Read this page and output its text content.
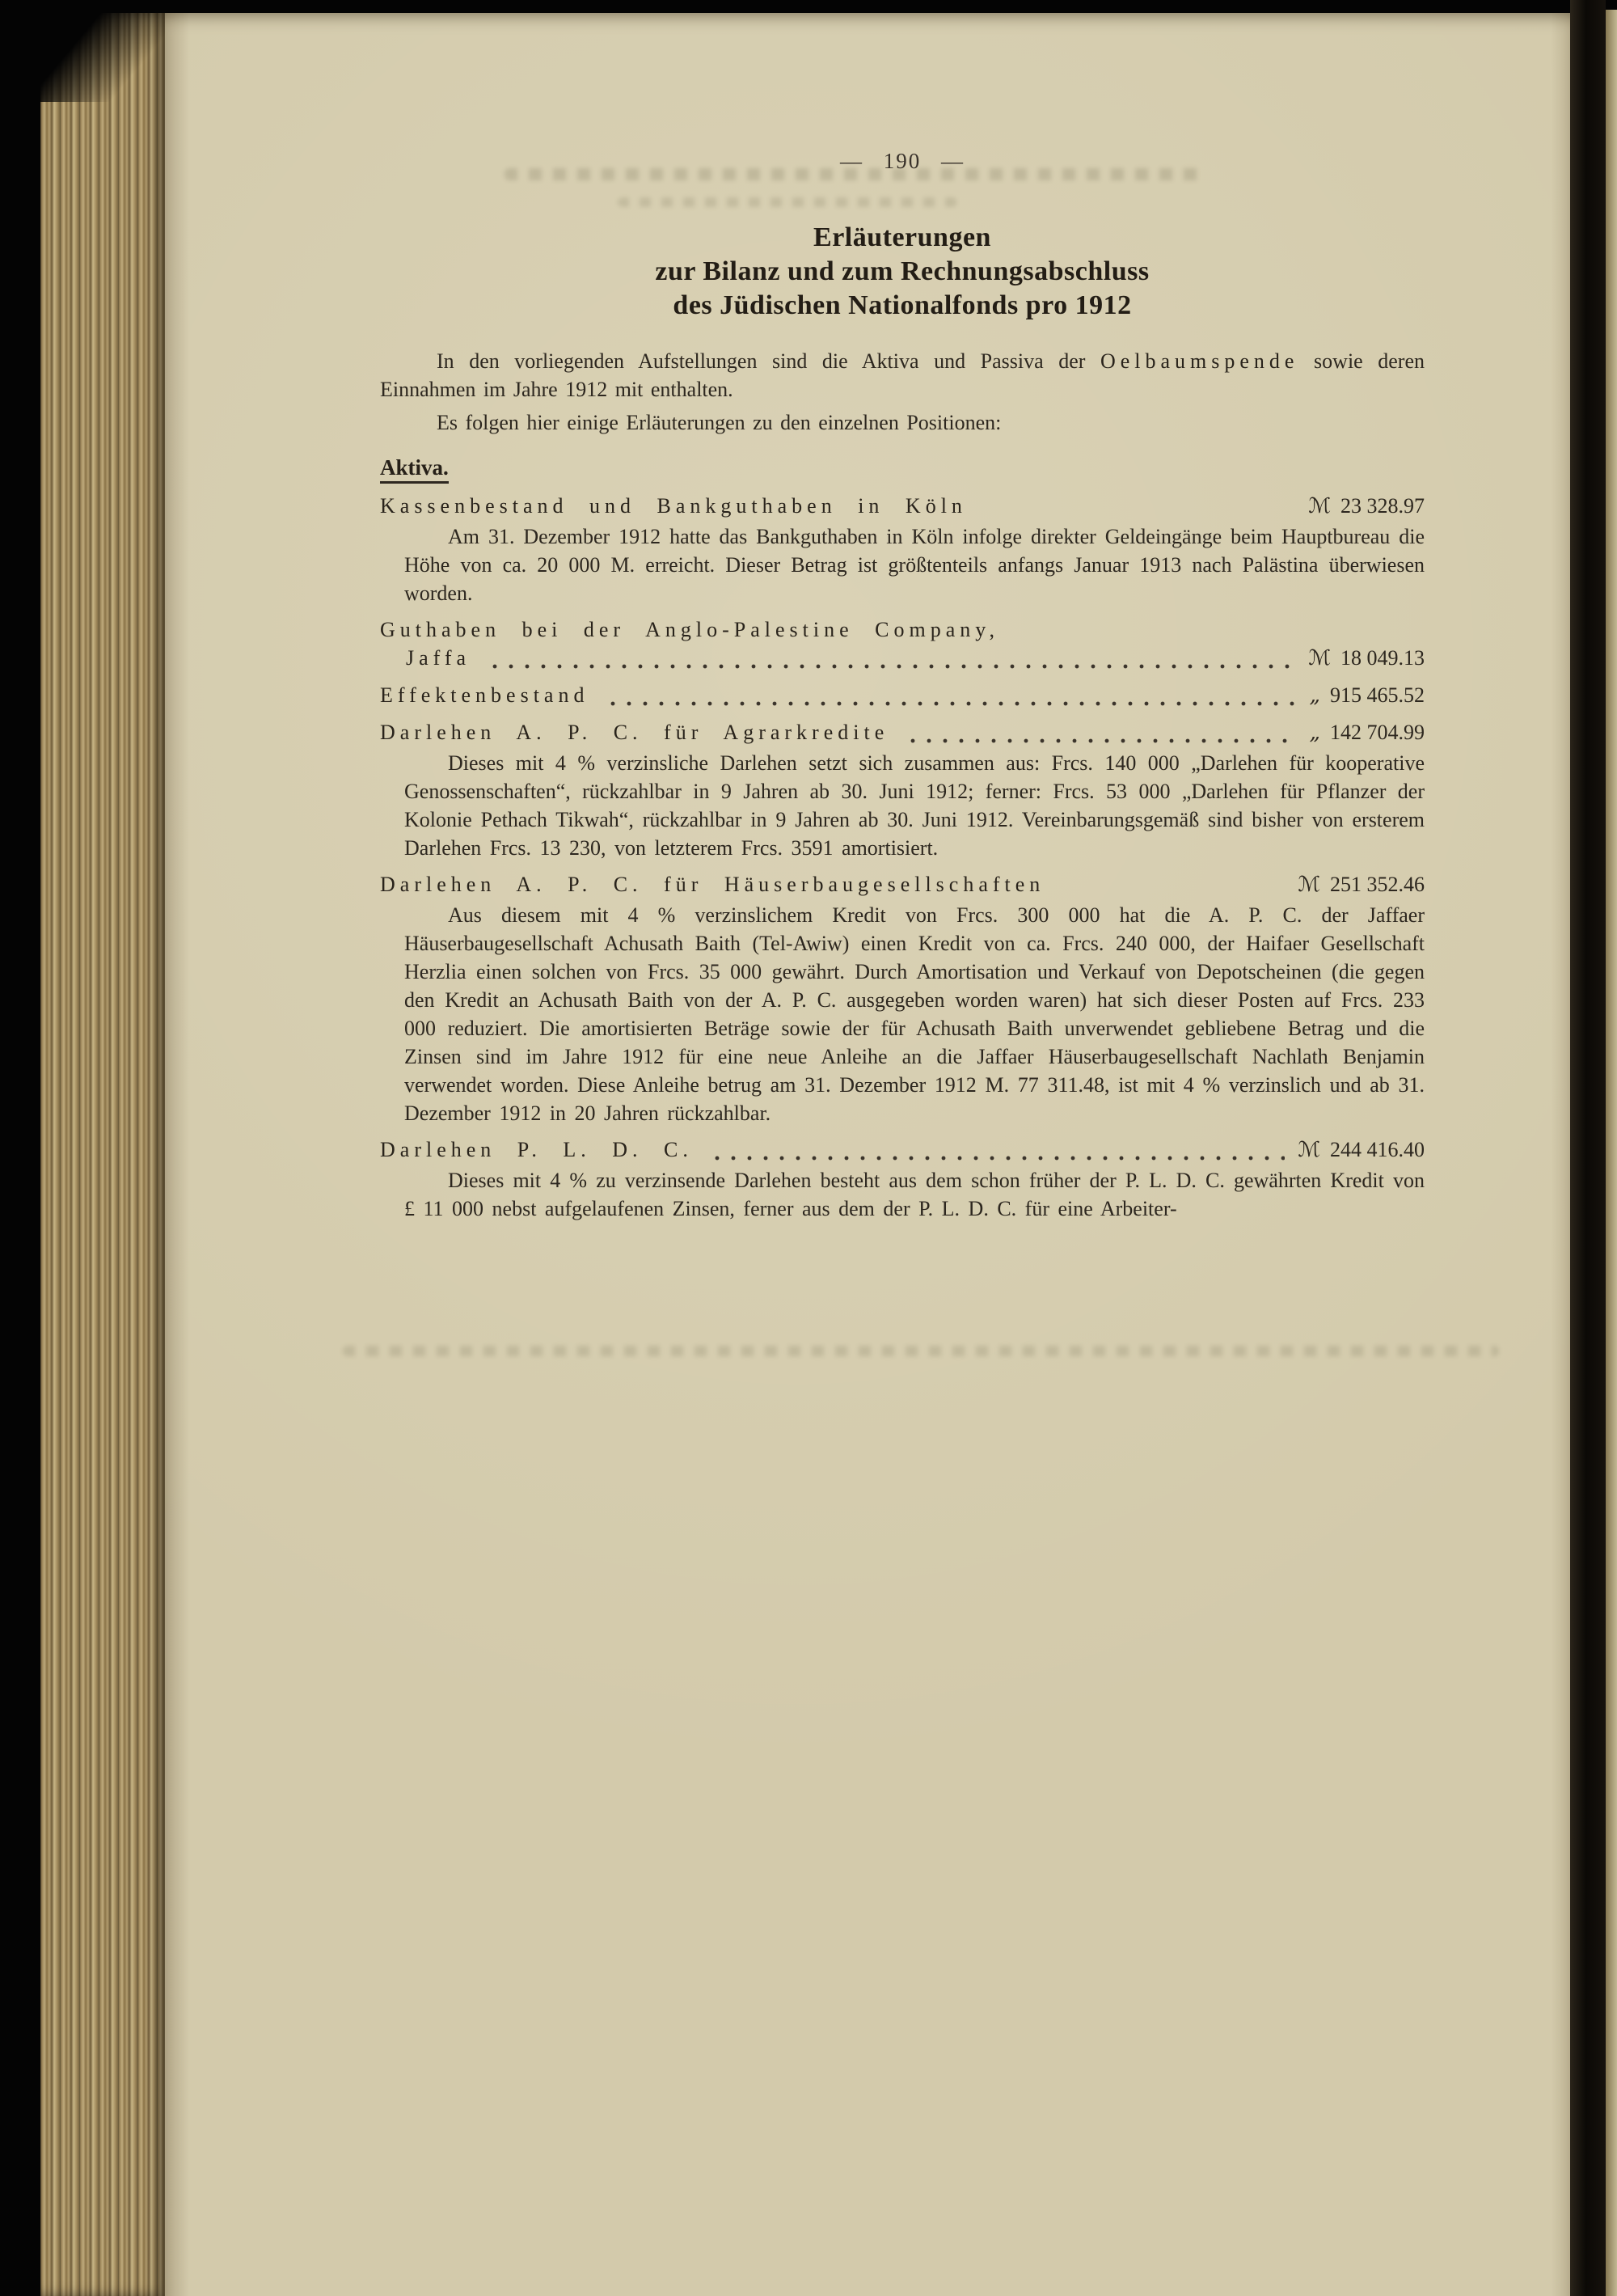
— 190 —
Erläuterungen
zur Bilanz und zum Rechnungsabschluss
des Jüdischen Nationalfonds pro 1912

In den vorliegenden Aufstellungen sind die Aktiva und Passiva der Oelbaumspende sowie deren Einnahmen im Jahre 1912 mit enthalten.

Es folgen hier einige Erläuterungen zu den einzelnen Positionen:

Aktiva.
Kassenbestand und Bankguthaben in Köln	ℳ 23 328.97

Am 31. Dezember 1912 hatte das Bankguthaben in Köln infolge direkter Geldeingänge beim Hauptbureau die Höhe von ca. 20 000 M. erreicht. Dieser Betrag ist größtenteils anfangs Januar 1913 nach Palästina überwiesen worden.

Guthaben bei der Anglo-Palestine Company,
Jaffa	ℳ 18 049.13
Effektenbestand	„ 915 465.52
Darlehen A. P. C. für Agrarkredite	„ 142 704.99

Dieses mit 4 % verzinsliche Darlehen setzt sich zusammen aus: Frcs. 140 000 „Darlehen für kooperative Genossenschaften“, rückzahlbar in 9 Jahren ab 30. Juni 1912; ferner: Frcs. 53 000 „Darlehen für Pflanzer der Kolonie Pethach Tikwah“, rückzahlbar in 9 Jahren ab 30. Juni 1912. Vereinbarungsgemäß sind bisher von ersterem Darlehen Frcs. 13 230, von letzterem Frcs. 3591 amortisiert.

Darlehen A. P. C. für Häuserbaugesellschaften	ℳ 251 352.46

Aus diesem mit 4 % verzinslichem Kredit von Frcs. 300 000 hat die A. P. C. der Jaffaer Häuserbaugesellschaft Achusath Baith (Tel-Awiw) einen Kredit von ca. Frcs. 240 000, der Haifaer Gesellschaft Herzlia einen solchen von Frcs. 35 000 gewährt. Durch Amortisation und Verkauf von Depotscheinen (die gegen den Kredit an Achusath Baith von der A. P. C. ausgegeben worden waren) hat sich dieser Posten auf Frcs. 233 000 reduziert. Die amortisierten Beträge sowie der für Achusath Baith unverwendet gebliebene Betrag und die Zinsen sind im Jahre 1912 für eine neue Anleihe an die Jaffaer Häuserbaugesellschaft Nachlath Benjamin verwendet worden. Diese Anleihe betrug am 31. Dezember 1912 M. 77 311.48, ist mit 4 % verzinslich und ab 31. Dezember 1912 in 20 Jahren rückzahlbar.

Darlehen P. L. D. C.	ℳ 244 416.40

Dieses mit 4 % zu verzinsende Darlehen besteht aus dem schon früher der P. L. D. C. gewährten Kredit von £ 11 000 nebst aufgelaufenen Zinsen, ferner aus dem der P. L. D. C. für eine Arbeiter-
